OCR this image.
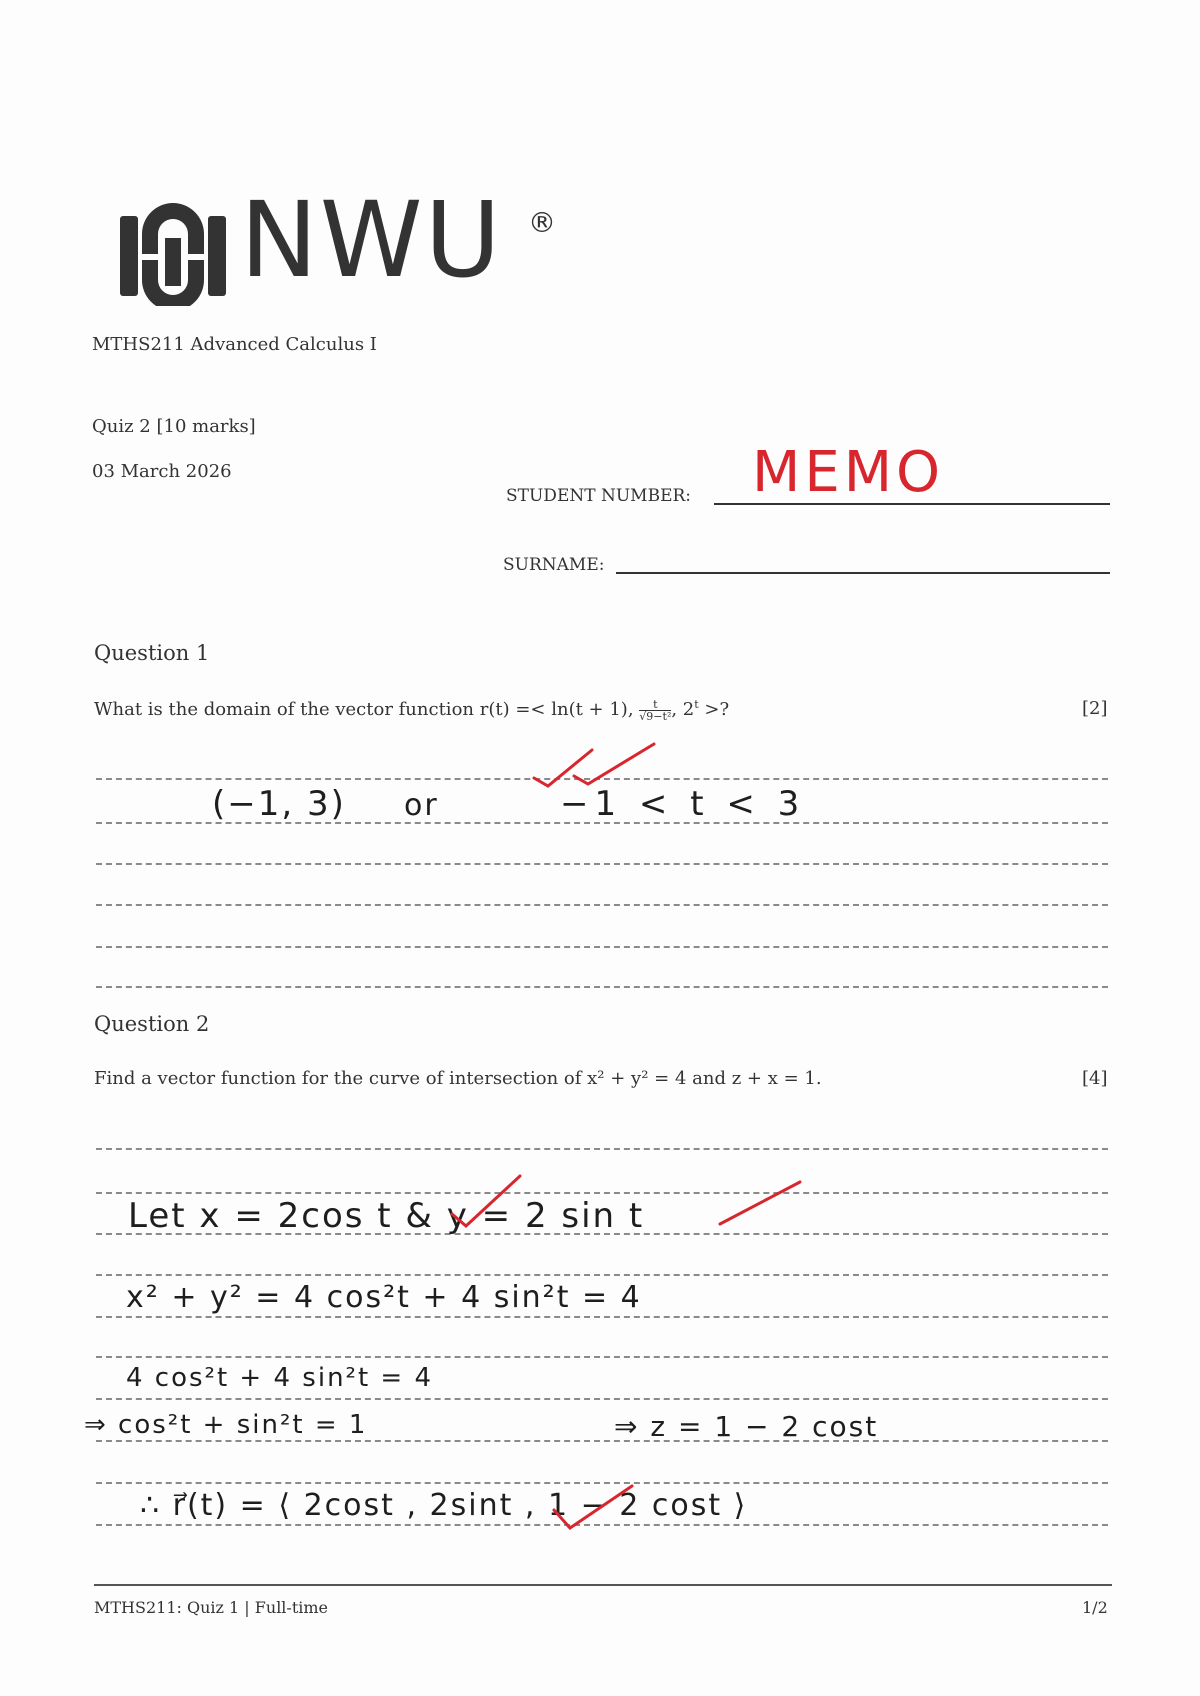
NWU ®
MTHS211 Advanced Calculus I
Quiz 2 [10 marks]
03 March 2026
STUDENT NUMBER: MEMO
SURNAME:
Question 1
What is the domain of the vector function r(t) =< ln(t + 1), $\frac{t}{\text{√9−t²}}$ , $2^t$ >?	[2]
(−1, 3) or	−1 < t < 3
Question 2
Find a vector function for the curve of intersection of x² + y² = 4 and z + x = 1.	[4]
Let x = 2cos t & y = 2 sin t
x² + y² = 4 cos²t + 4 sin²t = 4
4 cos²t + 4 sin²t = 4
⇒ cos²t + sin²t = 1	⇒ z = 1 − 2 cost
∴ r⃗(t) = ⟨ 2cost , 2sint , 1 − 2 cost ⟩
MTHS211: Quiz 1 | Full-time	1/2
